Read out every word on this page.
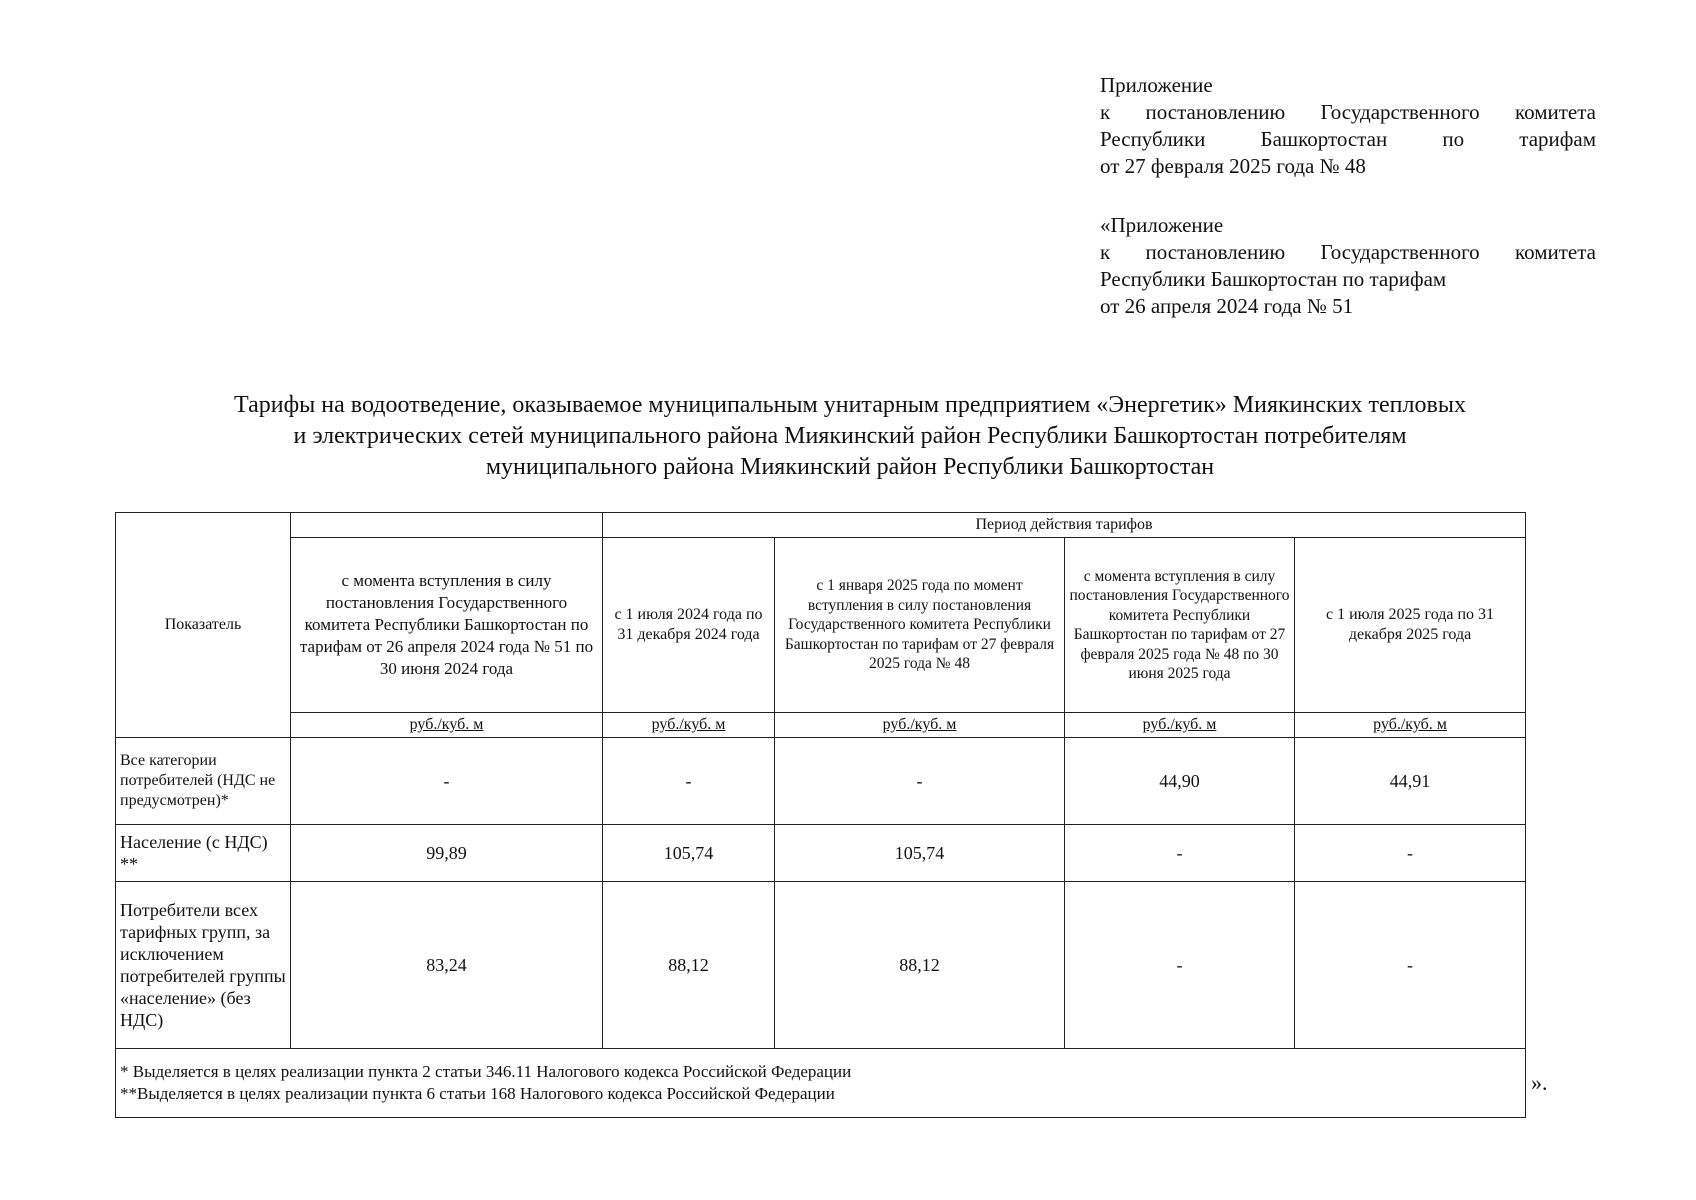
Приложение
к постановлению Государственного комитета
Республики Башкортостан по тарифам
от 27 февраля 2025 года № 48
«Приложение
к постановлению Государственного комитета
Республики Башкортостан по тарифам
от 26 апреля 2024 года № 51
Тарифы на водоотведение, оказываемое муниципальным унитарным предприятием «Энергетик» Миякинских тепловых
и электрических сетей муниципального района Миякинский район Республики Башкортостан потребителям
муниципального района Миякинский район Республики Башкортостан
Показатель		Период действия тарифов			
	с момента вступления в силу постановления Государственного комитета Республики Башкортостан по тарифам от 26 апреля 2024 года № 51 по 30 июня 2024 года	с 1 июля 2024 года по 31 декабря 2024 года	с 1 января 2025 года по момент вступления в силу постановления Государственного комитета Республики Башкортостан по тарифам от 27 февраля 2025 года № 48	с момента вступления в силу постановления Государственного комитета Республики Башкортостан по тарифам от 27 февраля 2025 года № 48 по 30 июня 2025 года	с 1 июля 2025 года по 31 декабря 2025 года
	руб./куб. м	руб./куб. м	руб./куб. м	руб./куб. м	руб./куб. м
Все категории потребителей (НДС не предусмотрен)*	-	-	-	44,90	44,91
Население (с НДС) **	99,89	105,74	105,74	-	-
Потребители всех тарифных групп, за исключением потребителей группы «население» (без НДС)	83,24	88,12	88,12	-	-

* Выделяется в целях реализации пункта 2 статьи 346.11 Налогового кодекса Российской Федерации
**Выделяется в целях реализации пункта 6 статьи 168 Налогового кодекса Российской Федерации						».
